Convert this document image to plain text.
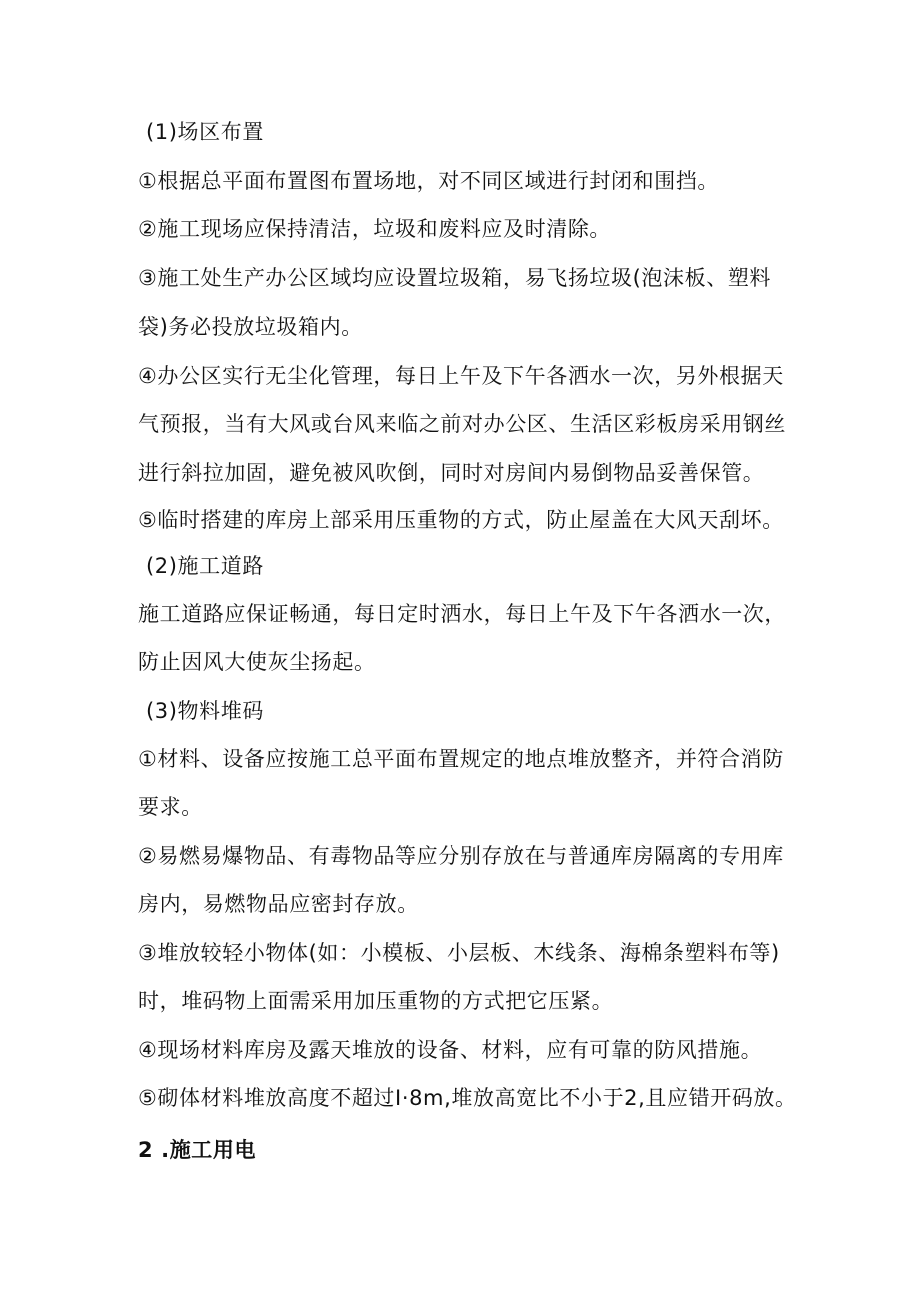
(1)场区布置
①根据总平面布置图布置场地，对不同区域进行封闭和围挡。
②施工现场应保持清洁，垃圾和废料应及时清除。
③施工处生产办公区域均应设置垃圾箱，易飞扬垃圾(泡沫板、塑料
袋)务必投放垃圾箱内。
④办公区实行无尘化管理，每日上午及下午各洒水一次，另外根据天
气预报，当有大风或台风来临之前对办公区、生活区彩板房采用钢丝
进行斜拉加固，避免被风吹倒，同时对房间内易倒物品妥善保管。
⑤临时搭建的库房上部采用压重物的方式，防止屋盖在大风天刮坏。
(2)施工道路
施工道路应保证畅通，每日定时洒水，每日上午及下午各洒水一次，
防止因风大使灰尘扬起。
(3)物料堆码
①材料、设备应按施工总平面布置规定的地点堆放整齐，并符合消防
要求。
②易燃易爆物品、有毒物品等应分别存放在与普通库房隔离的专用库
房内，易燃物品应密封存放。
③堆放较轻小物体(如：小模板、小层板、木线条、海棉条塑料布等)
时，堆码物上面需采用加压重物的方式把它压紧。
④现场材料库房及露天堆放的设备、材料，应有可靠的防风措施。
⑤砌体材料堆放高度不超过I·8m,堆放高宽比不小于2,且应错开码放。
2 .施工用电
